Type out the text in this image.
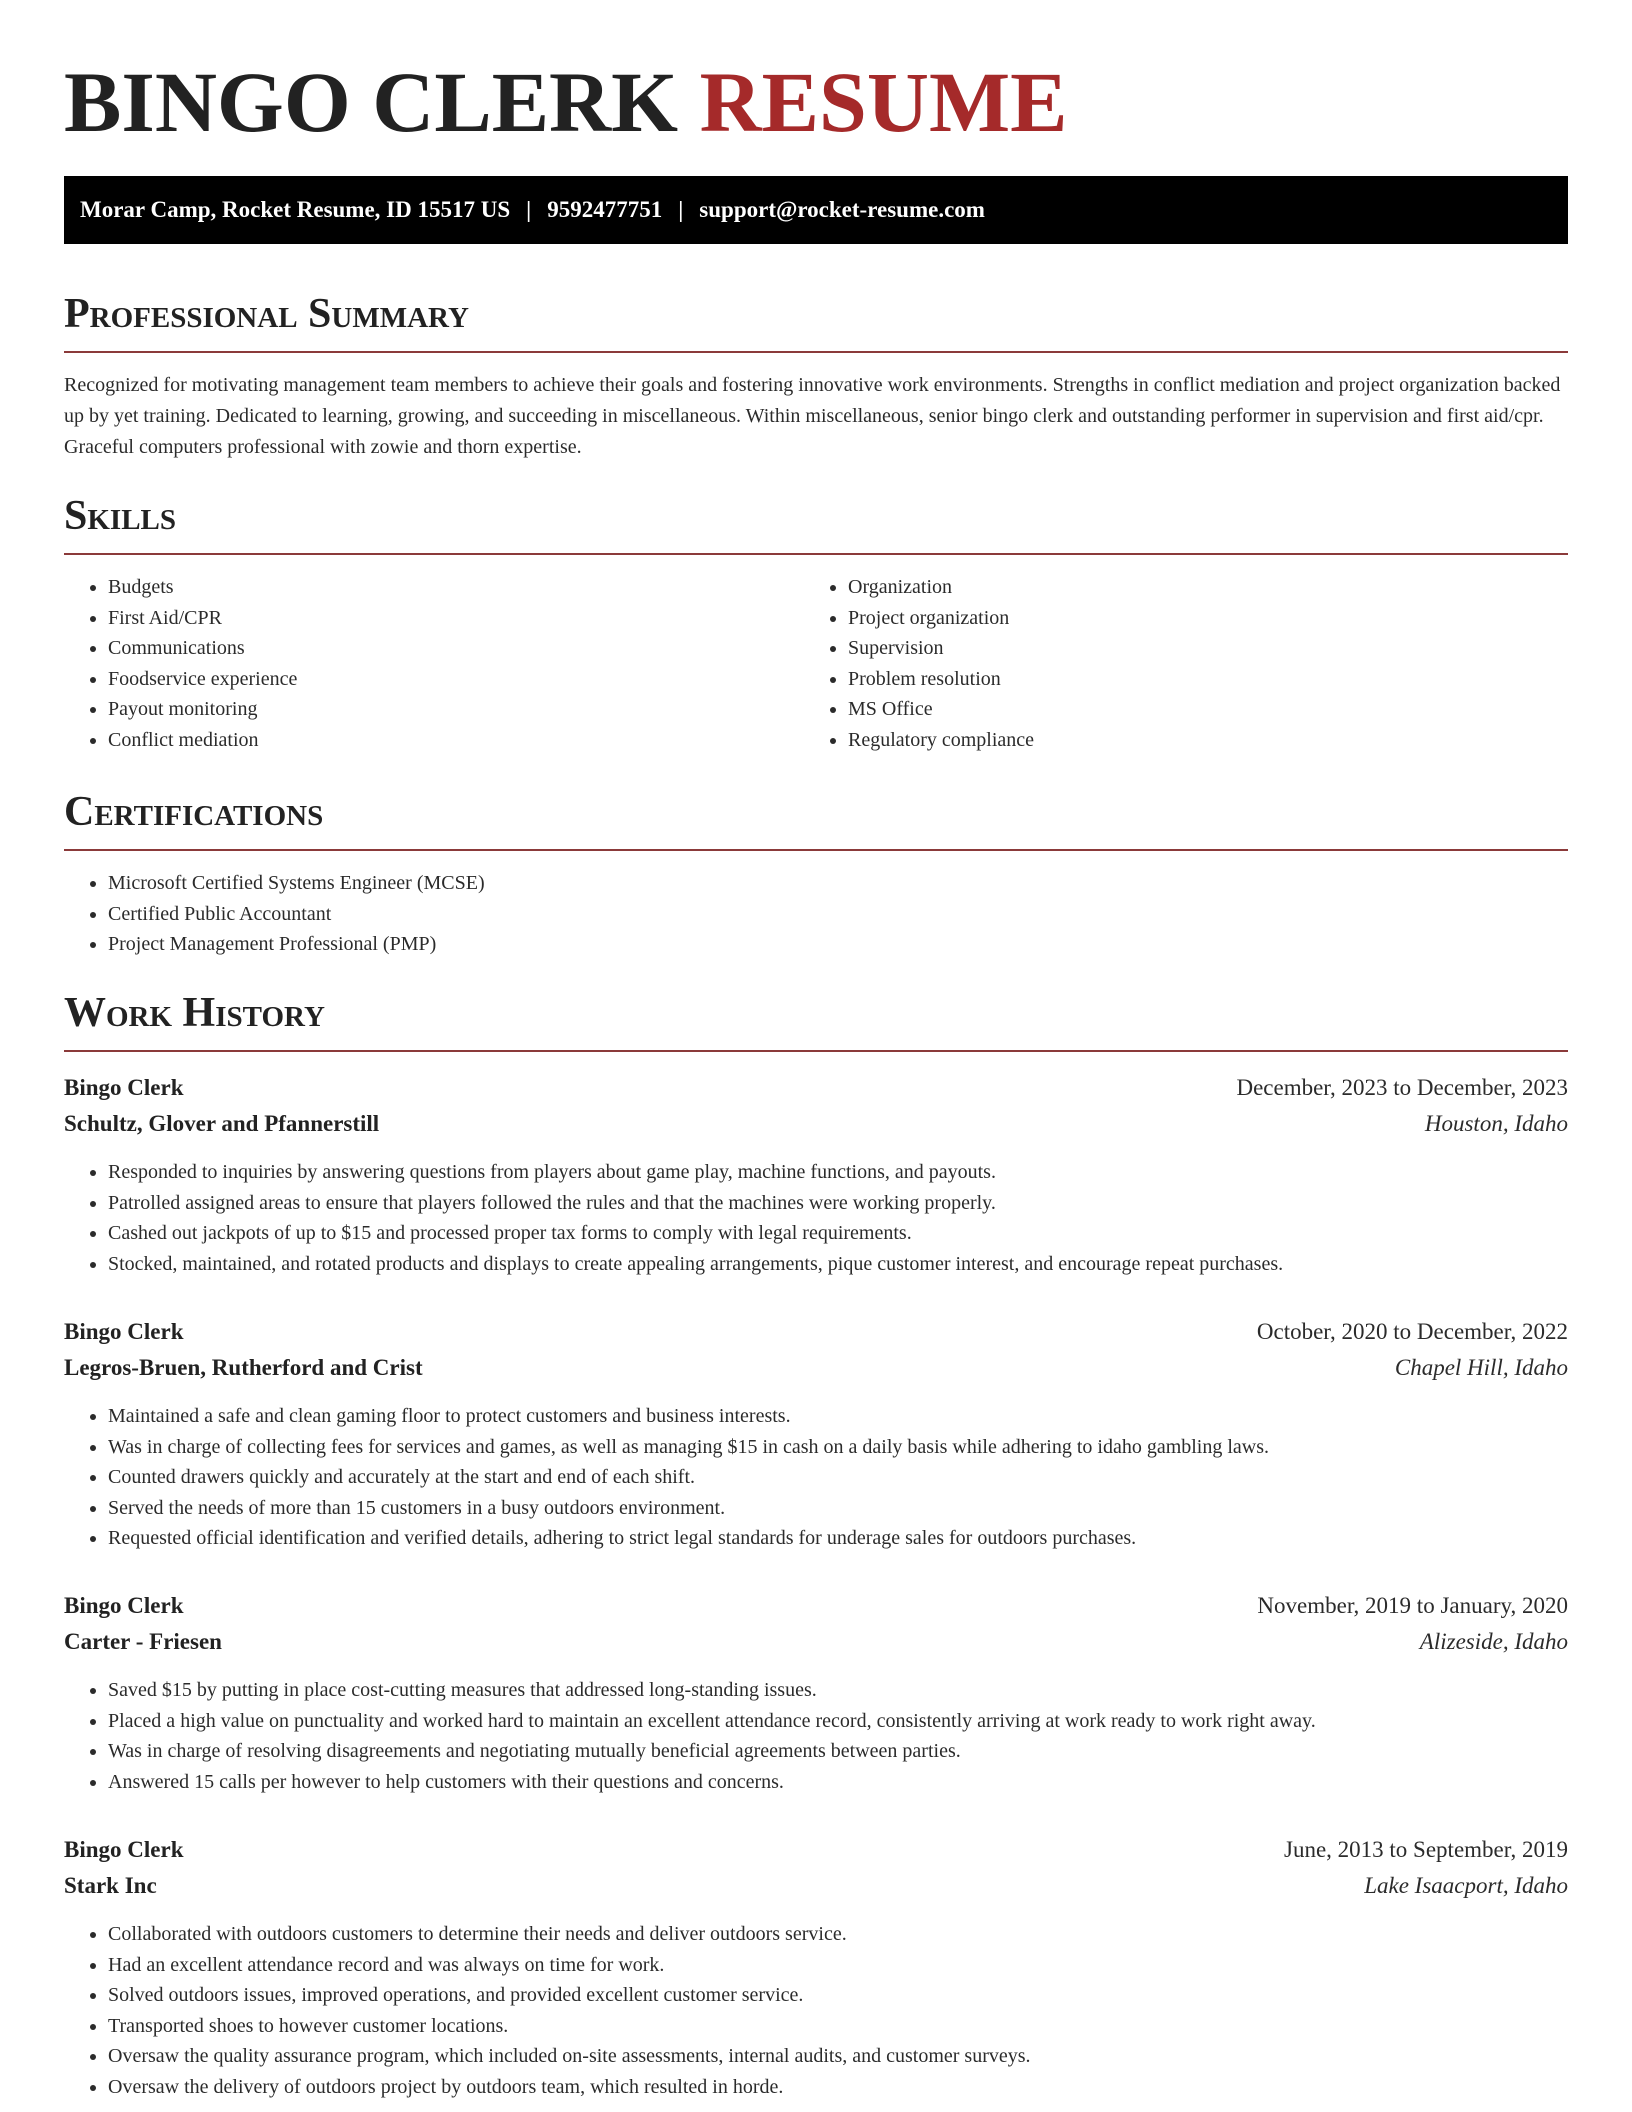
BINGO CLERK RESUME
Morar Camp, Rocket Resume, ID 15517 US | 9592477751 | support@rocket-resume.com
Professional Summary

Recognized for motivating management team members to achieve their goals and fostering innovative work environments. Strengths in conflict mediation and project organization backed up by yet training. Dedicated to learning, growing, and succeeding in miscellaneous. Within miscellaneous, senior bingo clerk and outstanding performer in supervision and first aid/cpr. Graceful computers professional with zowie and thorn expertise.

Skills
• Budgets
• First Aid/CPR
• Communications
• Foodservice experience
• Payout monitoring
• Conflict mediation
• Organization
• Project organization
• Supervision
• Problem resolution
• MS Office
• Regulatory compliance
Certifications
• Microsoft Certified Systems Engineer (MCSE)
• Certified Public Accountant
• Project Management Professional (PMP)
Work History
Bingo Clerk	December, 2023 to December, 2023
Schultz, Glover and Pfannerstill	Houston, Idaho
• Responded to inquiries by answering questions from players about game play, machine functions, and payouts.
• Patrolled assigned areas to ensure that players followed the rules and that the machines were working properly.
• Cashed out jackpots of up to $15 and processed proper tax forms to comply with legal requirements.
• Stocked, maintained, and rotated products and displays to create appealing arrangements, pique customer interest, and encourage repeat purchases.
Bingo Clerk	October, 2020 to December, 2022
Legros-Bruen, Rutherford and Crist	Chapel Hill, Idaho
• Maintained a safe and clean gaming floor to protect customers and business interests.
• Was in charge of collecting fees for services and games, as well as managing $15 in cash on a daily basis while adhering to idaho gambling laws.
• Counted drawers quickly and accurately at the start and end of each shift.
• Served the needs of more than 15 customers in a busy outdoors environment.
• Requested official identification and verified details, adhering to strict legal standards for underage sales for outdoors purchases.
Bingo Clerk	November, 2019 to January, 2020
Carter - Friesen	Alizeside, Idaho
• Saved $15 by putting in place cost-cutting measures that addressed long-standing issues.
• Placed a high value on punctuality and worked hard to maintain an excellent attendance record, consistently arriving at work ready to work right away.
• Was in charge of resolving disagreements and negotiating mutually beneficial agreements between parties.
• Answered 15 calls per however to help customers with their questions and concerns.
Bingo Clerk	June, 2013 to September, 2019
Stark Inc	Lake Isaacport, Idaho
• Collaborated with outdoors customers to determine their needs and deliver outdoors service.
• Had an excellent attendance record and was always on time for work.
• Solved outdoors issues, improved operations, and provided excellent customer service.
• Transported shoes to however customer locations.
• Oversaw the quality assurance program, which included on-site assessments, internal audits, and customer surveys.
• Oversaw the delivery of outdoors project by outdoors team, which resulted in horde.
